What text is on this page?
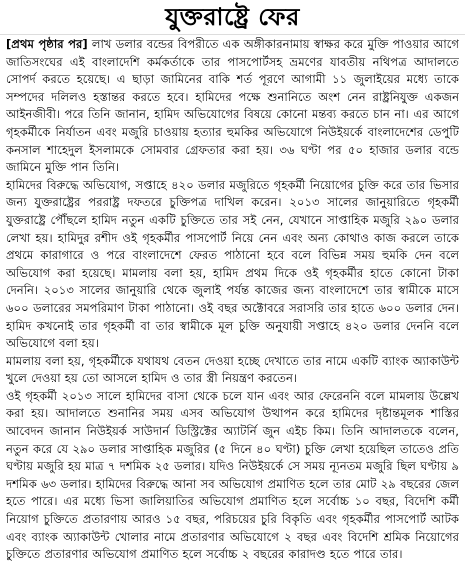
যুক্তরাষ্ট্রে ফের
[প্রথম পৃষ্ঠার পর] লাখ ডলার বন্ডের বিপরীতে এক অঙ্গীকারনামায় স্বাক্ষর করে মুক্তি পাওয়ার আগে জাতিসংঘের এই বাংলাদেশি কর্মকর্তাকে তার পাসপোর্টসহ ভ্রমণের যাবতীয় নথিপত্র আদালতে সোপর্দ করতে হয়েছে। এ ছাড়া জামিনের বাকি শর্ত পূরণে আগামী ১১ জুলাইয়ের মধ্যে তাকে সম্পদের দলিলও হস্তান্তর করতে হবে। হামিদের পক্ষে শুনানিতে অংশ নেন রাষ্ট্রনিযুক্ত একজন আইনজীবী। পরে তিনি জানান, হামিদ অভিযোগের বিষয়ে কোনো মন্তব্য করতে চান না। এর আগে গৃহকর্মীকে নির্যাতন এবং মজুরি চাওয়ায় হত্যার হুমকির অভিযোগে নিউইয়র্কে বাংলাদেশের ডেপুটি কনসাল শাহেদুল ইসলামকে সোমবার গ্রেফতার করা হয়। ৩৬ ঘণ্টা পর ৫০ হাজার ডলার বন্ডে জামিনে মুক্তি পান তিনি।
হামিদের বিরুদ্ধে অভিযোগ, সপ্তাহে ৪২০ ডলার মজুরিতে গৃহকর্মী নিয়োগের চুক্তি করে তার ভিসার জন্য যুক্তরাষ্ট্রের পররাষ্ট্র দফতরে চুক্তিপত্র দাখিল করেন। ২০১৩ সালের জানুয়ারিতে গৃহকর্মী যুক্তরাষ্ট্রে পৌঁছলে হামিদ নতুন একটি চুক্তিতে তার সই নেন, যেখানে সাপ্তাহিক মজুরি ২৯০ ডলার লেখা হয়। হামিদুর রশীদ ওই গৃহকর্মীর পাসপোর্ট নিয়ে নেন এবং অন্য কোথাও কাজ করলে তাকে প্রথমে কারাগারে ও পরে বাংলাদেশে ফেরত পাঠানো হবে বলে বিভিন্ন সময় হুমকি দেন বলে অভিযোগ করা হয়েছে। মামলায় বলা হয়, হামিদ প্রথম দিকে ওই গৃহকর্মীর হাতে কোনো টাকা দেননি। ২০১৩ সালের জানুয়ারি থেকে জুলাই পর্যন্ত কাজের জন্য বাংলাদেশে তার স্বামীকে মাসে ৬০০ ডলারের সমপরিমাণ টাকা পাঠানো। ওই বছর অক্টোবরে সরাসরি তার হাতে ৬০০ ডলার দেন। হামিদ কখনোই তার গৃহকর্মী বা তার স্বামীকে মূল চুক্তি অনুযায়ী সপ্তাহে ৪২০ ডলার দেননি বলে অভিযোগে বলা হয়।
মামলায় বলা হয়, গৃহকর্মীকে যথাযথ বেতন দেওয়া হচ্ছে দেখাতে তার নামে একটি ব্যাংক অ্যাকাউন্ট খুলে দেওয়া হয় তো আসলে হামিদ ও তার স্ত্রী নিয়ন্ত্রণ করতেন।
ওই গৃহকর্মী ২০১৩ সালে হামিদের বাসা থেকে চলে যান এবং আর ফেরেননি বলে মামলায় উল্লেখ করা হয়। আদালতে শুনানির সময় এসব অভিযোগ উত্থাপন করে হামিদের দৃষ্টান্তমূলক শাস্তির আবেদন জানান নিউইয়র্ক সাউদার্ন ডিস্ট্রিক্টের অ্যাটর্নি জুন এইচ কিম। তিনি আদালতকে বলেন, নতুন করে যে ২৯০ ডলার সাপ্তাহিক মজুরির (৫ দিনে ৪০ ঘণ্টা) চুক্তি লেখা হয়েছিল তাতেও প্রতি ঘণ্টায় মজুরি হয় মাত্র ৭ দশমিক ২৫ ডলার। যদিও নিউইয়র্কে সে সময় ন্যূনতম মজুরি ছিল ঘণ্টায় ৯ দশমিক ৬৩ ডলার। হামিদের বিরুদ্ধে আনা সব অভিযোগ প্রমাণিত হলে তার মোট ২৯ বছরের জেল হতে পারে। এর মধ্যে ভিসা জালিয়াতির অভিযোগ প্রমাণিত হলে সর্বোচ্চ ১০ বছর, বিদেশি কর্মী নিয়োগ চুক্তিতে প্রতারণায় আরও ১৫ বছর, পরিচয়ের চুরি বিকৃতি এবং গৃহকর্মীর পাসপোর্ট আটক এবং ব্যাংক অ্যাকাউন্ট খোলার নামে প্রতারণার অভিযোগে ২ বছর এবং বিদেশি শ্রমিক নিয়োগের চুক্তিতে প্রতারণার অভিযোগ প্রমাণিত হলে সর্বোচ্চ ২ বছরের কারাদণ্ড হতে পারে তার।
